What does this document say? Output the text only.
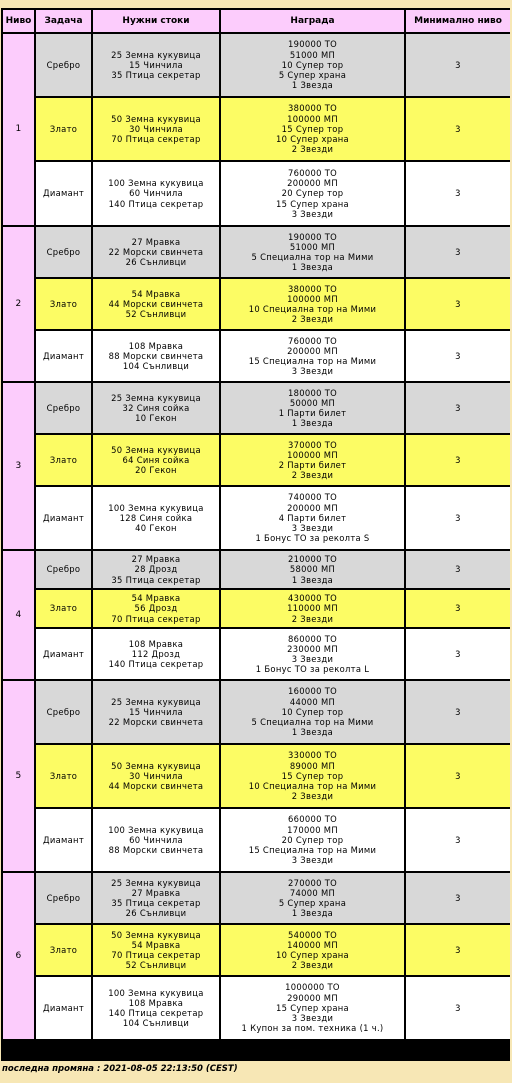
Ниво	Задача	Нужни стоки	Награда	Минимално ниво
1	Сребро	25 Земна кукувица
15 Чинчила
35 Птица секретар	190000 ТО
51000 МП
10 Супер тор
5 Супер храна
1 Звезда	3
	Злато	50 Земна кукувица
30 Чинчила
70 Птица секретар	380000 ТО
100000 МП
15 Супер тор
10 Супер храна
2 Звезди	3
	Диамант	100 Земна кукувица
60 Чинчила
140 Птица секретар	760000 ТО
200000 МП
20 Супер тор
15 Супер храна
3 Звезди	3
2	Сребро	27 Мравка
22 Морски свинчета
26 Сънливци	190000 ТО
51000 МП
5 Специална тор на Мими
1 Звезда	3
	Злато	54 Мравка
44 Морски свинчета
52 Сънливци	380000 ТО
100000 МП
10 Специална тор на Мими
2 Звезди	3
	Диамант	108 Мравка
88 Морски свинчета
104 Сънливци	760000 ТО
200000 МП
15 Специална тор на Мими
3 Звезди	3
3	Сребро	25 Земна кукувица
32 Синя сойка
10 Гекон	180000 ТО
50000 МП
1 Парти билет
1 Звезда	3
	Злато	50 Земна кукувица
64 Синя сойка
20 Гекон	370000 ТО
100000 МП
2 Парти билет
2 Звезди	3
	Диамант	100 Земна кукувица
128 Синя сойка
40 Гекон	740000 ТО
200000 МП
4 Парти билет
3 Звезди
1 Бонус ТО за реколта S	3
4	Сребро	27 Мравка
28 Дрозд
35 Птица секретар	210000 ТО
58000 МП
1 Звезда	3
	Злато	54 Мравка
56 Дрозд
70 Птица секретар	430000 ТО
110000 МП
2 Звезди	3
	Диамант	108 Мравка
112 Дрозд
140 Птица секретар	860000 ТО
230000 МП
3 Звезди
1 Бонус ТО за реколта L	3
5	Сребро	25 Земна кукувица
15 Чинчила
22 Морски свинчета	160000 ТО
44000 МП
10 Супер тор
5 Специална тор на Мими
1 Звезда	3
	Злато	50 Земна кукувица
30 Чинчила
44 Морски свинчета	330000 ТО
89000 МП
15 Супер тор
10 Специална тор на Мими
2 Звезди	3
	Диамант	100 Земна кукувица
60 Чинчила
88 Морски свинчета	660000 ТО
170000 МП
20 Супер тор
15 Специална тор на Мими
3 Звезди	3
6	Сребро	25 Земна кукувица
27 Мравка
35 Птица секретар
26 Сънливци	270000 ТО
74000 МП
5 Супер храна
1 Звезда	3
	Злато	50 Земна кукувица
54 Мравка
70 Птица секретар
52 Сънливци	540000 ТО
140000 МП
10 Супер храна
2 Звезди	3
	Диамант	100 Земна кукувица
108 Мравка
140 Птица секретар
104 Сънливци	1000000 ТО
290000 МП
15 Супер храна
3 Звезди
1 Купон за пом. техника (1 ч.)	3
последна промяна : 2021-08-05 22:13:50 (CEST)
